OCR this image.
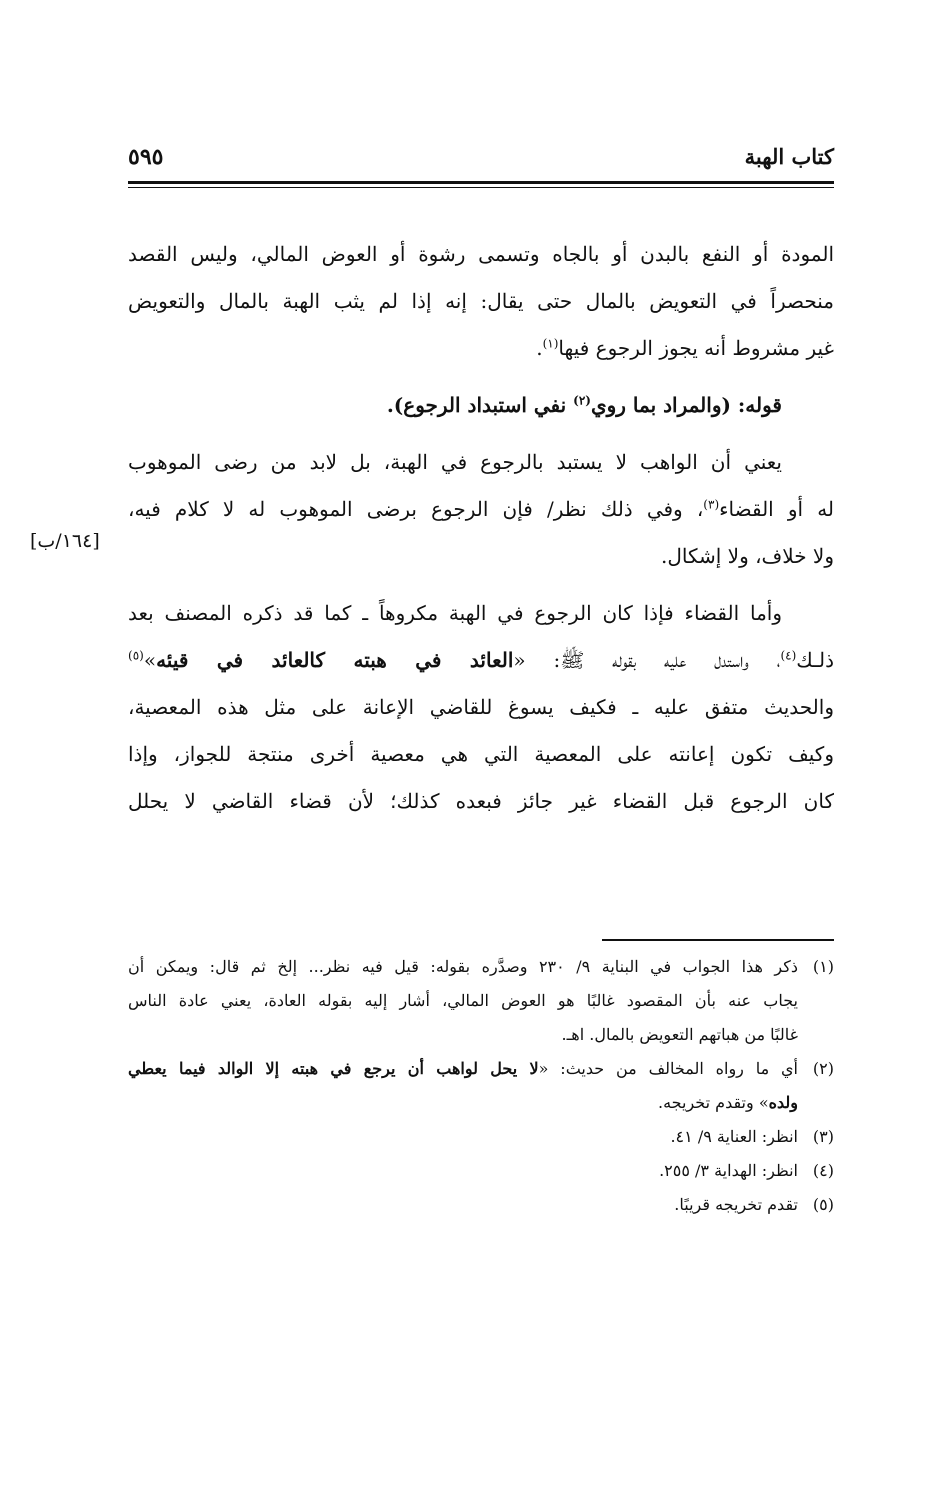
كتاب الهبة
٥٩٥

المودة أو النفع بالبدن أو بالجاه وتسمى رشوة أو العوض المالي، وليس القصد
منحصراً في التعويض بالمال حتى يقال: إنه إذا لم يثب الهبة بالمال والتعويض
غير مشروط أنه يجوز الرجوع فيها$^{(١)}$.

قوله: (والمراد بما روي$^{(٢)}$ نفي استبداد الرجوع).

يعني أن الواهب لا يستبد بالرجوع في الهبة، بل لابد من رضى الموهوب
له أو القضاء$^{(٣)}$، وفي ذلك نظر/ فإن الرجوع برضى الموهوب له لا كلام فيه،
ولا خلاف، ولا إشكال.

وأما القضاء فإذا كان الرجوع في الهبة مكروهاً ـ كما قد ذكره المصنف بعد
ذلـك$^{(٤)}$، واستدل عليه بقوله ﷺ: «العائد في هبته كالعائد في قيئه»$^{(٥)}$
والحديث متفق عليه ـ فكيف يسوغ للقاضي الإعانة على مثل هذه المعصية،
وكيف تكون إعانته على المعصية التي هي معصية أخرى منتجة للجواز، وإذا
كان الرجوع قبل القضاء غير جائز فبعده كذلك؛ لأن قضاء القاضي لا يحلل

[١٦٤/ب]

(١)ذكر هذا الجواب في البناية ٩/ ٢٣٠ وصدَّره بقوله: قيل فيه نظر... إلخ ثم قال: ويمكن أن
يجاب عنه بأن المقصود غالبًا هو العوض المالي، أشار إليه بقوله العادة، يعني عادة الناس
غالبًا من هباتهم التعويض بالمال. اهـ.

(٢)أي ما رواه المخالف من حديث: «لا يحل لواهب أن يرجع في هبته إلا الوالد فيما يعطي
ولده» وتقدم تخريجه.

(٣)انظر: العناية ٩/ ٤١.

(٤)انظر: الهداية ٣/ ٢٥٥.

(٥)تقدم تخريجه قريبًا.
